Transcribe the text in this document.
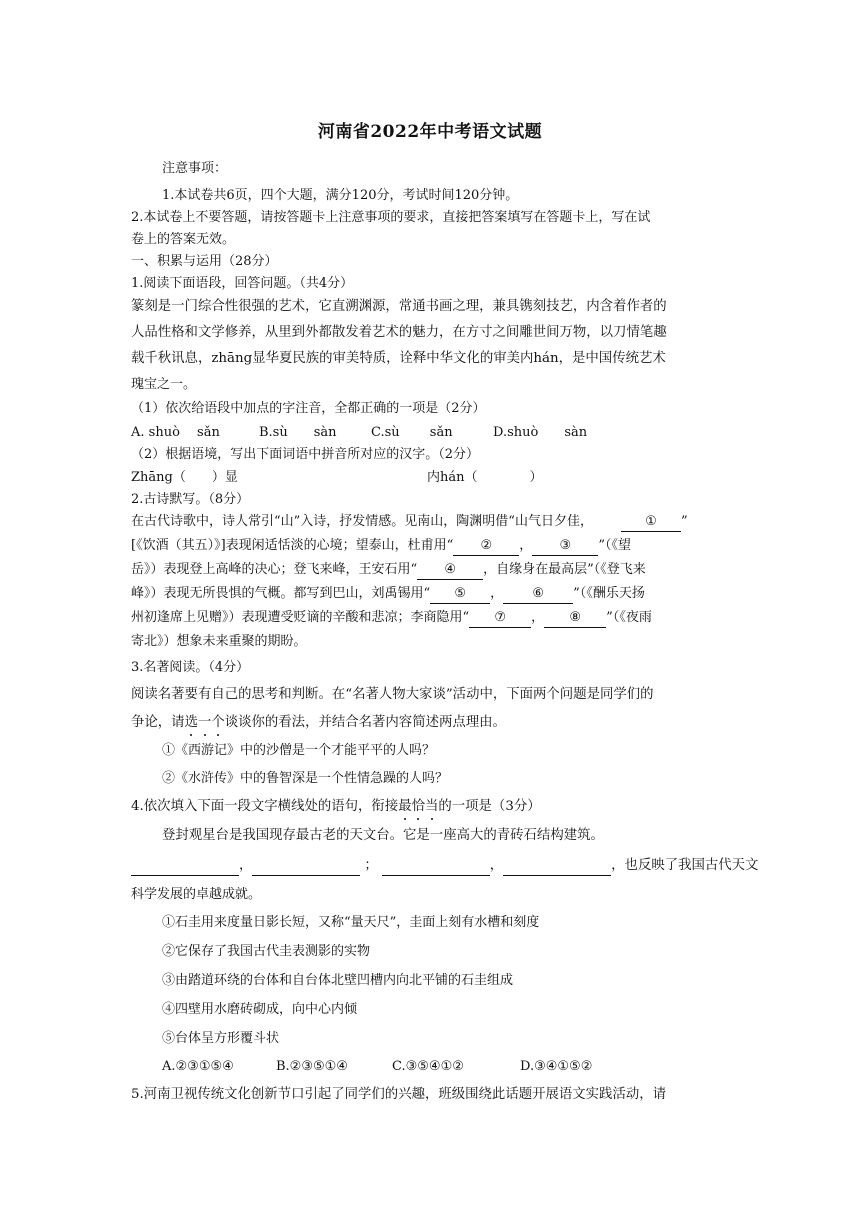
河南省2022年中考语文试题
注意事项：
1.本试卷共6页，四个大题，满分120分，考试时间120分钟。
2.本试卷上不要答题，请按答题卡上注意事项的要求，直接把答案填写在答题卡上，写在试
卷上的答案无效。
一、积累与运用（28分）
1.阅读下面语段，回答问题。（共4分）
篆刻是一门综合性很强的艺术，它直溯渊源，常通书画之理，兼具镌刻技艺，内含着作者的
人品性格和文学修养，从里到外都散发着艺术的魅力，在方寸之间雕世间万物，以刀情笔趣
载千秋讯息，zhāng显华夏民族的审美特质，诠释中华文化的审美内hán，是中国传统艺术
瑰宝之一。
（1）依次给语段中加点的字注音，全都正确的一项是（2分）
A. shuò　 sǎn	B.sù　　sàn	C.sù　　 sǎn	D.shuò　　sàn
（2）根据语境，写出下面词语中拼音所对应的汉字。（2分）
Zhāng（　　）显	内hán（　　　　）
2.古诗默写。（8分）
在古代诗歌中，诗人常引“山”入诗，抒发情感。见南山，陶渊明借“山气日夕佳，	① ”
[《饮酒（其五）》]表现闲适恬淡的心境；望泰山，杜甫用“ ② ， ③ ”（《望
岳》）表现登上高峰的决心；登飞来峰，王安石用“ ④ ，自缘身在最高层”（《登飞来
峰》）表现无所畏惧的气概。都写到巴山，刘禹锡用“ ⑤ ， ⑥ ”（《酬乐天扬
州初逢席上见赠》）表现遭受贬谪的辛酸和悲凉；李商隐用“ ⑦ ， ⑧ ”（《夜雨
寄北》）想象未来重聚的期盼。
3.名著阅读。（4分）
阅读名著要有自己的思考和判断。在“名著人物大家谈”活动中，下面两个问题是同学们的
争论，请选一个谈谈你的看法，并结合名著内容简述两点理由。
①《西游记》中的沙僧是一个才能平平的人吗？
②《水浒传》中的鲁智深是一个性情急躁的人吗？
4.依次填入下面一段文字横线处的语句，衔接最恰当的一项是（3分）
登封观星台是我国现存最古老的天文台。它是一座高大的青砖石结构建筑。
，	；	，	，也反映了我国古代天文
科学发展的卓越成就。
①石圭用来度量日影长短，又称“量天尺”，圭面上刻有水槽和刻度
②它保存了我国古代圭表测影的实物
③由踏道环绕的台体和自台体北壁凹槽内向北平铺的石圭组成
④四壁用水磨砖砌成，向中心内倾
⑤台体呈方形覆斗状
A.②③①⑤④	B.②③⑤①④	C.③⑤④①②	D.③④①⑤②
5.河南卫视传统文化创新节口引起了同学们的兴趣，班级围绕此话题开展语文实践活动，请
